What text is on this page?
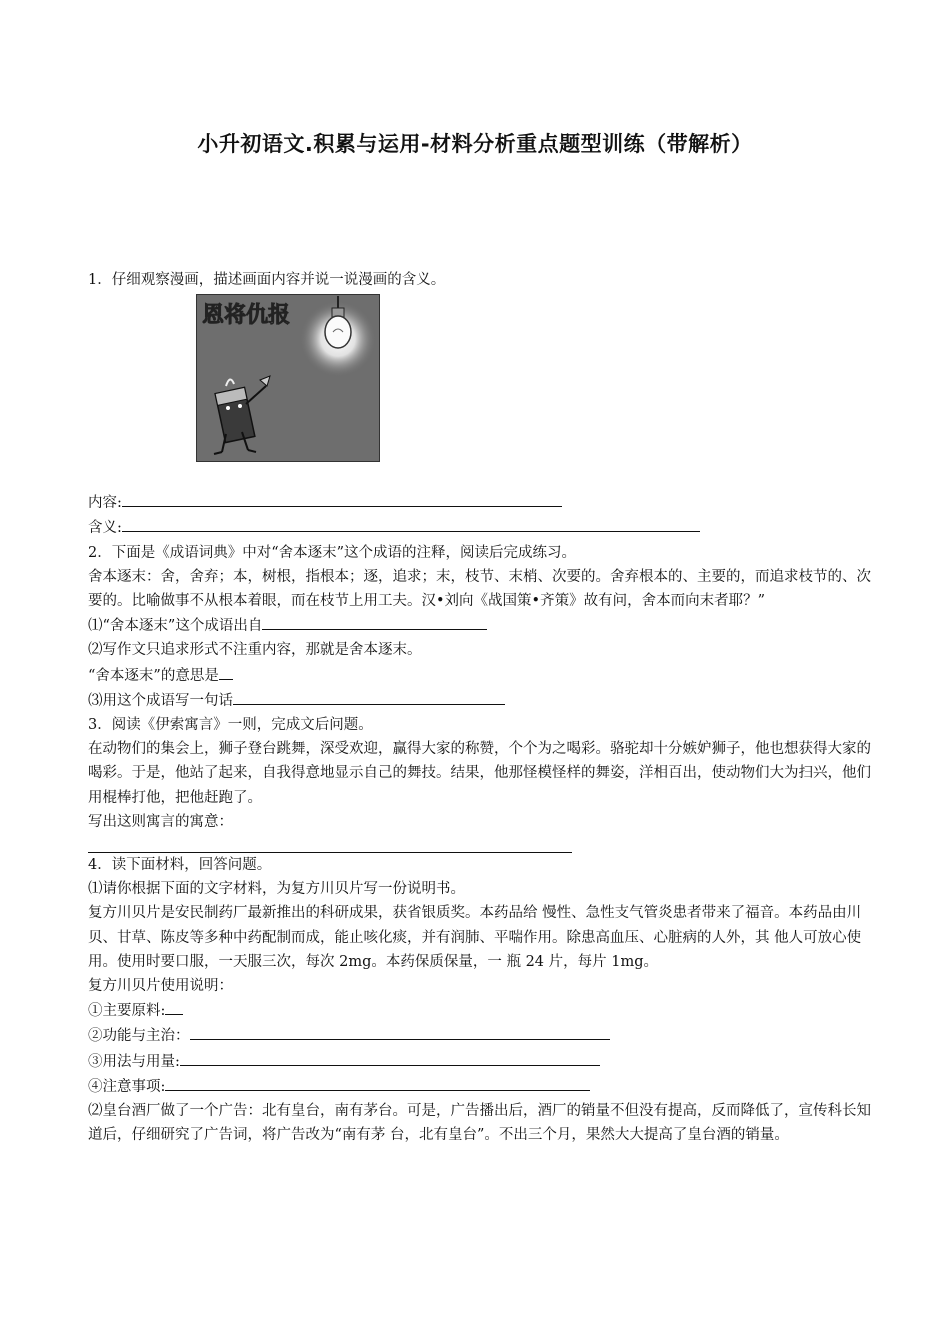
小升初语文.积累与运用-材料分析重点题型训练（带解析）
1．仔细观察漫画，描述画面内容并说一说漫画的含义。
恩将仇报
内容:
含义:
2．下面是《成语词典》中对“舍本逐末”这个成语的注释，阅读后完成练习。
舍本逐末：舍，舍弃；本，树根，指根本；逐，追求；末，枝节、末梢、次要的。舍弃根本的、主要的，而追求枝节的、次要的。比喻做事不从根本着眼，而在枝节上用工夫。汉•刘向《战国策•齐策》故有问，舍本而向末者耶？”
⑴“舍本逐末”这个成语出自
⑵写作文只追求形式不注重内容，那就是舍本逐末。
“舍本逐末”的意思是
⑶用这个成语写一句话
3．阅读《伊索寓言》一则，完成文后问题。
在动物们的集会上，狮子登台跳舞，深受欢迎，赢得大家的称赞，个个为之喝彩。骆驼却十分嫉妒狮子，他也想获得大家的喝彩。于是，他站了起来，自我得意地显示自己的舞技。结果，他那怪模怪样的舞姿，洋相百出，使动物们大为扫兴，他们用棍棒打他，把他赶跑了。
写出这则寓言的寓意：
4．读下面材料，回答问题。
⑴请你根据下面的文字材料，为复方川贝片写一份说明书。
复方川贝片是安民制药厂最新推出的科研成果，获省银质奖。本药品给 慢性、急性支气管炎患者带来了福音。本药品由川贝、甘草、陈皮等多种中药配制而成，能止咳化痰，并有润肺、平喘作用。除患高血压、心脏病的人外，其 他人可放心使用。使用时要口服，一天服三次，每次 2mg。本药保质保量，一 瓶 24 片，每片 1mg。
复方川贝片使用说明：
①主要原料:
②功能与主治：
③用法与用量:
④注意事项:
⑵皇台酒厂做了一个广告：北有皇台，南有茅台。可是，广告播出后，酒厂的销量不但没有提高，反而降低了，宣传科长知道后，仔细研究了广告词，将广告改为“南有茅 台，北有皇台”。不出三个月，果然大大提高了皇台酒的销量。
